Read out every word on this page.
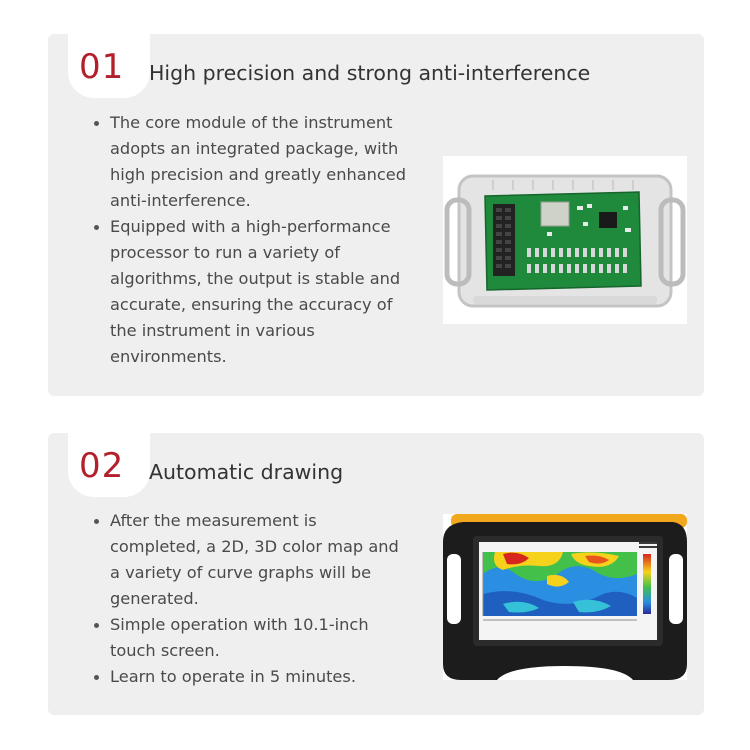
01 High precision and strong anti-interference
The core module of the instrument adopts an integrated package, with high precision and greatly enhanced anti-interference.
Equipped with a high-performance processor to run a variety of algorithms, the output is stable and accurate, ensuring the accuracy of the instrument in various environments.
02 Automatic drawing
After the measurement is completed, a 2D, 3D color map and a variety of curve graphs will be generated.
Simple operation with 10.1-inch touch screen.
Learn to operate in 5 minutes.
